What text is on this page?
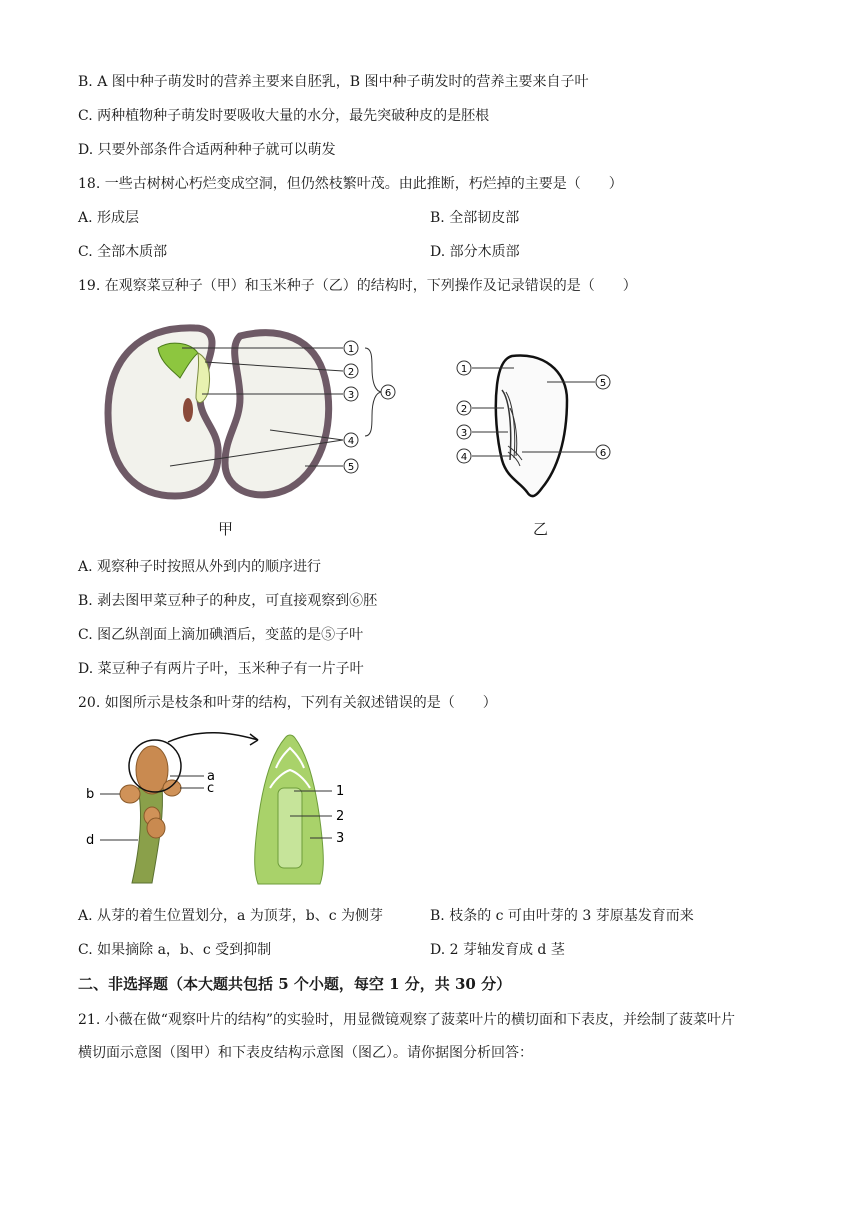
B. A 图中种子萌发时的营养主要来自胚乳，B 图中种子萌发时的营养主要来自子叶
C. 两种植物种子萌发时要吸收大量的水分，最先突破种皮的是胚根
D. 只要外部条件合适两种种子就可以萌发
18. 一些古树树心朽烂变成空洞，但仍然枝繁叶茂。由此推断，朽烂掉的主要是（　　）
A. 形成层	B. 全部韧皮部
C. 全部木质部	D. 部分木质部
19. 在观察菜豆种子（甲）和玉米种子（乙）的结构时，下列操作及记录错误的是（　　）
1
2
3
4
5
6
甲
1
2
3
4
5
6
乙
A. 观察种子时按照从外到内的顺序进行
B. 剥去图甲菜豆种子的种皮，可直接观察到⑥胚
C. 图乙纵剖面上滴加碘酒后，变蓝的是⑤子叶
D. 菜豆种子有两片子叶，玉米种子有一片子叶
20. 如图所示是枝条和叶芽的结构，下列有关叙述错误的是（　　）
a
c
b
d
1
2
3
A. 从芽的着生位置划分，a 为顶芽，b、c 为侧芽	B. 枝条的 c 可由叶芽的 3 芽原基发育而来
C. 如果摘除 a，b、c 受到抑制	D. 2 芽轴发育成 d 茎
二、非选择题（本大题共包括 5 个小题，每空 1 分，共 30 分）
21. 小薇在做“观察叶片的结构”的实验时，用显微镜观察了菠菜叶片的横切面和下表皮，并绘制了菠菜叶片
横切面示意图（图甲）和下表皮结构示意图（图乙）。请你据图分析回答：
